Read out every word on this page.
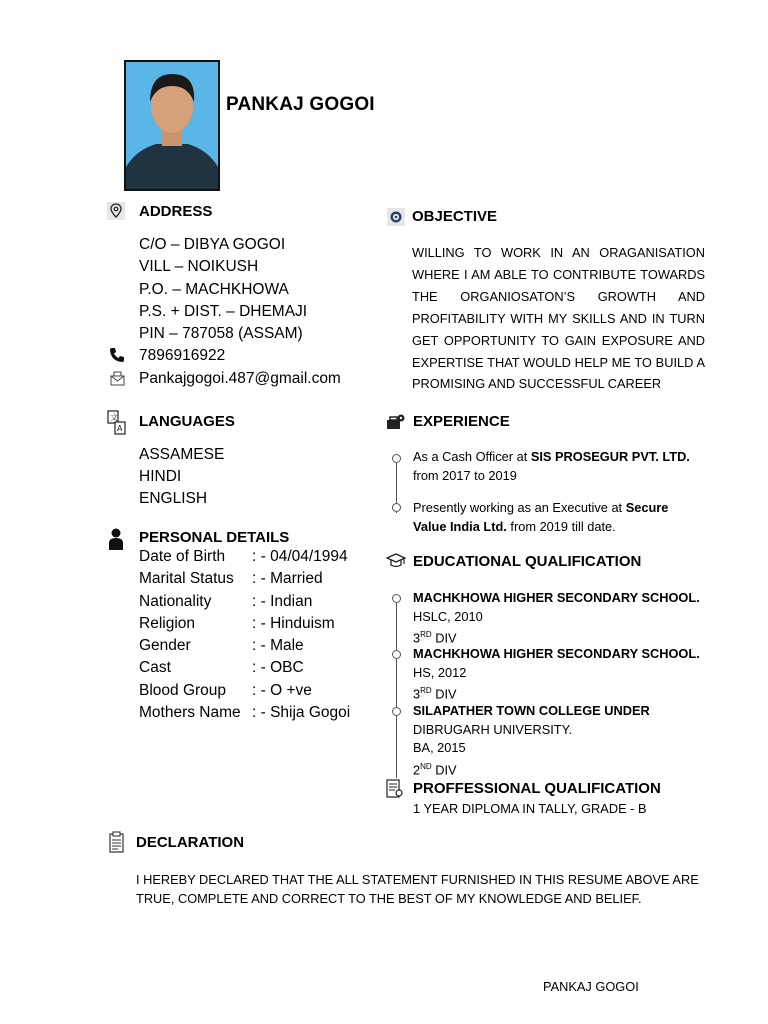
PANKAJ GOGOI
ADDRESS
C/O – DIBYA GOGOI
VILL – NOIKUSH
P.O. – MACHKHOWA
P.S. + DIST. – DHEMAJI
PIN – 787058 (ASSAM)
7896916922
Pankajgogoi.487@gmail.com
OBJECTIVE
WILLING TO WORK IN AN ORAGANISATION WHERE I AM ABLE TO CONTRIBUTE TOWARDS THE ORGANIOSATON’S GROWTH AND PROFITABILITY WITH MY SKILLS AND IN TURN GET OPPORTUNITY TO GAIN EXPOSURE AND EXPERTISE THAT WOULD HELP ME TO BUILD A PROMISING AND SUCCESSFUL CAREER
文
A LANGUAGES
ASSAMESE
HINDI
ENGLISH
EXPERIENCE
As a Cash Officer at SIS PROSEGUR PVT. LTD.
from 2017 to 2019
Presently working as an Executive at Secure
Value India Ltd. from 2019 till date.
PERSONAL DETAILS
Date of Birth	: - 04/04/1994
Marital Status	: - Married
Nationality	: - Indian
Religion	: - Hinduism
Gender	: - Male
Cast	: - OBC
Blood Group	: - O +ve
Mothers Name : - Shija Gogoi
EDUCATIONAL QUALIFICATION
MACHKHOWA HIGHER SECONDARY SCHOOL.
HSLC, 2010
3RD DIV
MACHKHOWA HIGHER SECONDARY SCHOOL.
HS, 2012
3RD DIV
SILAPATHER TOWN COLLEGE UNDER
DIBRUGARH UNIVERSITY.
BA, 2015
2ND DIV
PROFFESSIONAL QUALIFICATION
1 YEAR DIPLOMA IN TALLY, GRADE - B
DECLARATION
I HEREBY DECLARED THAT THE ALL STATEMENT FURNISHED IN THIS RESUME ABOVE ARE
TRUE, COMPLETE AND CORRECT TO THE BEST OF MY KNOWLEDGE AND BELIEF.
PANKAJ GOGOI
